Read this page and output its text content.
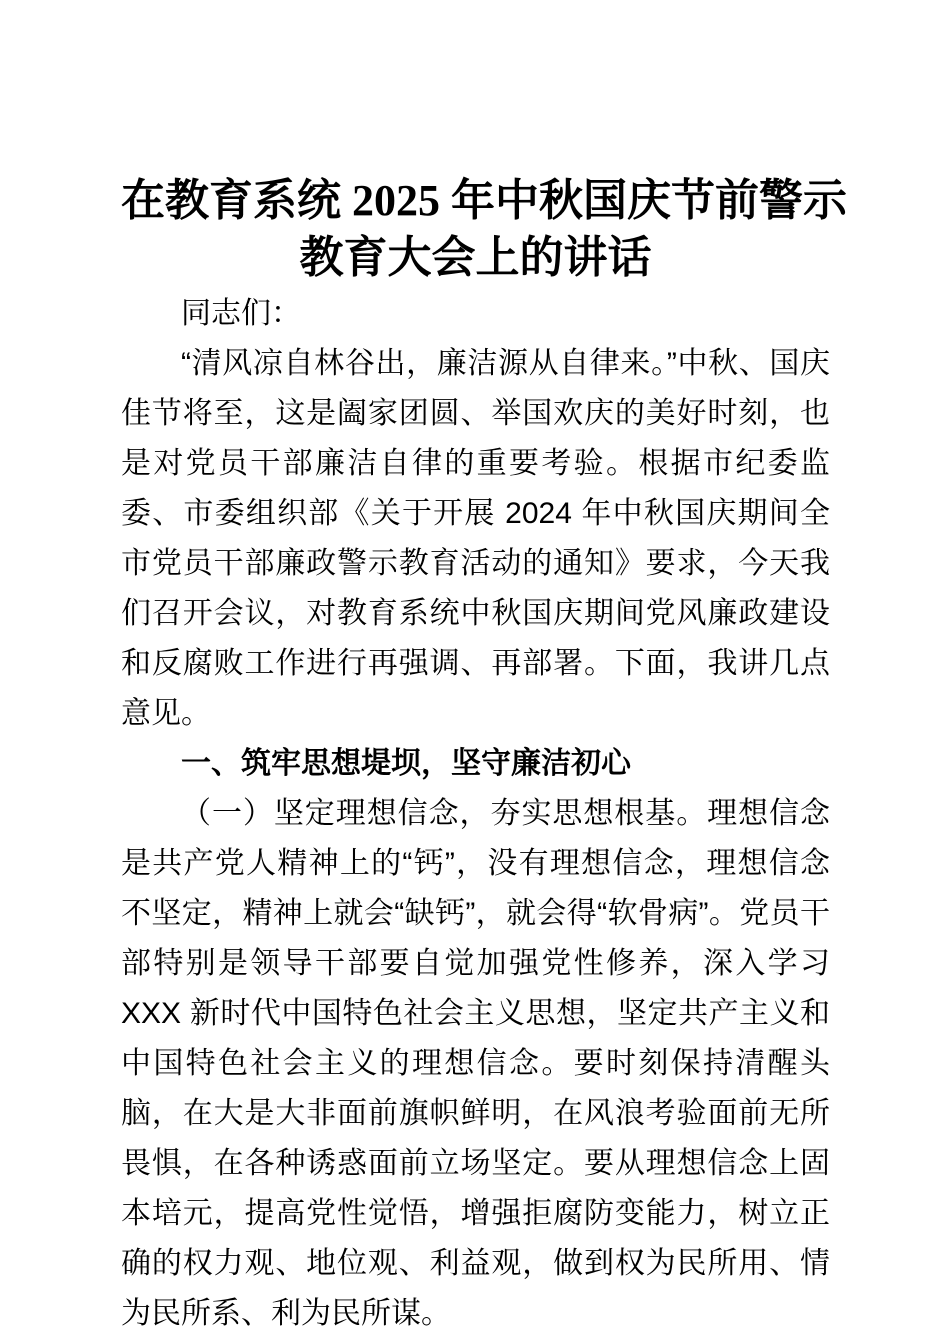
在教育系统 2025 年中秋国庆节前警示
教育大会上的讲话

同志们：

“清风凉自林谷出，廉洁源从自律来。”中秋、国庆佳节将至，这是阖家团圆、举国欢庆的美好时刻，也是对党员干部廉洁自律的重要考验。根据市纪委监委、市委组织部《关于开展 2024 年中秋国庆期间全市党员干部廉政警示教育活动的通知》要求，今天我们召开会议，对教育系统中秋国庆期间党风廉政建设和反腐败工作进行再强调、再部署。下面，我讲几点意见。

一、筑牢思想堤坝，坚守廉洁初心

（一）坚定理想信念，夯实思想根基。理想信念是共产党人精神上的“钙”，没有理想信念，理想信念不坚定，精神上就会“缺钙”，就会得“软骨病”。党员干部特别是领导干部要自觉加强党性修养，深入学习 XXX 新时代中国特色社会主义思想，坚定共产主义和中国特色社会主义的理想信念。要时刻保持清醒头脑，在大是大非面前旗帜鲜明，在风浪考验面前无所畏惧，在各种诱惑面前立场坚定。要从理想信念上固本培元，提高党性觉悟，增强拒腐防变能力，树立正确的权力观、地位观、利益观，做到权为民所用、情为民所系、利为民所谋。
